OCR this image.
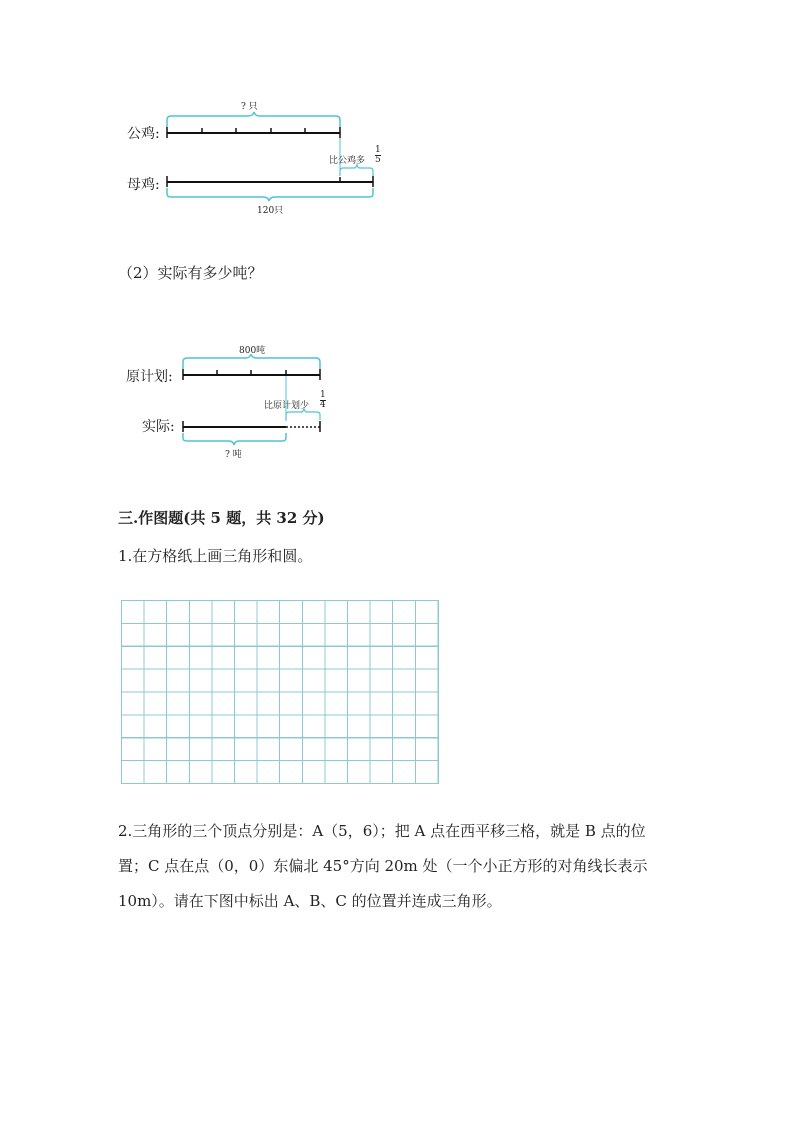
? 只
公鸡:
母鸡:
比公鸡多 $\frac{1}{5}$
120只
（2）实际有多少吨？
800吨
原计划:
实际:
比原计划少 $\frac{1}{4}$
? 吨
三.作图题(共 5 题，共 32 分)
1.在方格纸上画三角形和圆。
2.三角形的三个顶点分别是：A（5，6）；把 A 点在西平移三格，就是 B 点的位
置；C 点在点（0，0）东偏北 45°方向 20m 处（一个小正方形的对角线长表示
10m）。请在下图中标出 A、B、C 的位置并连成三角形。
